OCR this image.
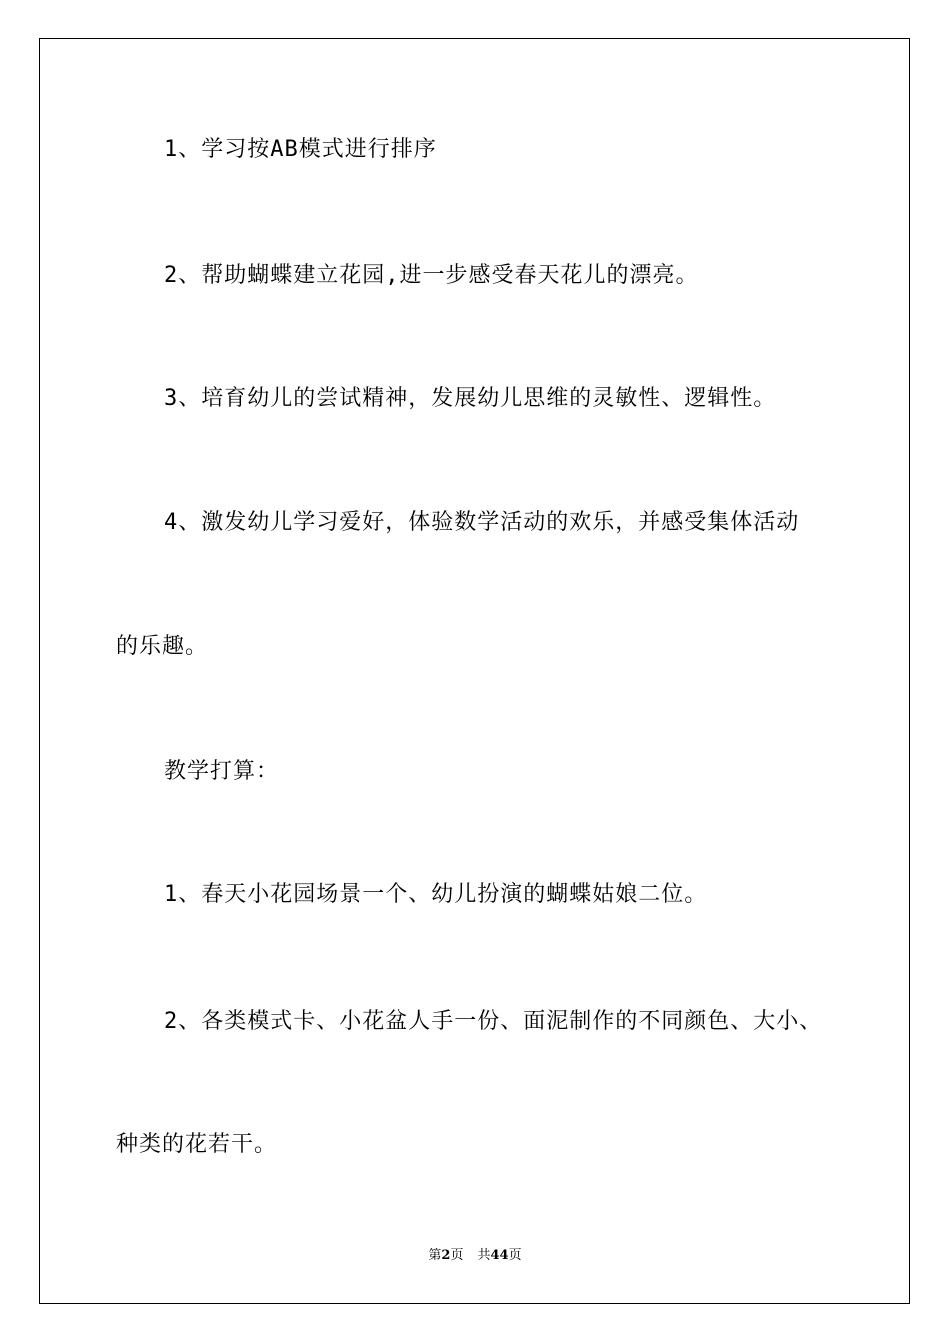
1、学习按AB模式进行排序
2、帮助蝴蝶建立花园,进一步感受春天花儿的漂亮。
3、培育幼儿的尝试精神，发展幼儿思维的灵敏性、逻辑性。
4、激发幼儿学习爱好，体验数学活动的欢乐，并感受集体活动
的乐趣。
教学打算：
1、春天小花园场景一个、幼儿扮演的蝴蝶姑娘二位。
2、各类模式卡、小花盆人手一份、面泥制作的不同颜色、大小、
种类的花若干。
第2页 共44页
